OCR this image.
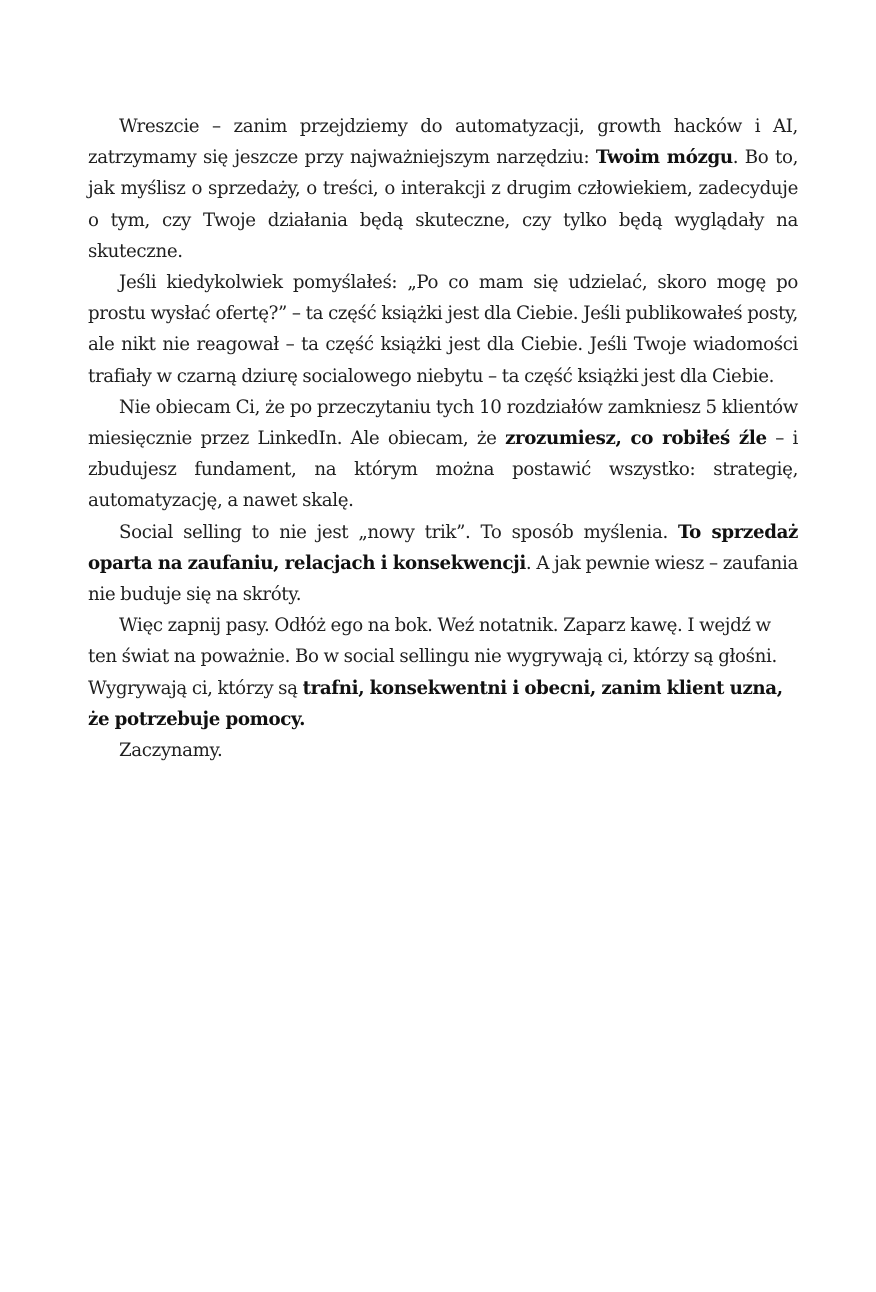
Wreszcie – zanim przejdziemy do automatyzacji, growth hacków i AI, zatrzymamy się jeszcze przy najważniejszym narzędziu: Twoim mózgu. Bo to, jak myślisz o sprzedaży, o treści, o interakcji z drugim człowiekiem, zadecyduje o tym, czy Twoje działania będą skuteczne, czy tylko będą wyglądały na skuteczne.

Jeśli kiedykolwiek pomyślałeś: „Po co mam się udzielać, skoro mogę po prostu wysłać ofertę?” – ta część książki jest dla Ciebie. Jeśli publikowałeś posty, ale nikt nie reagował – ta część książki jest dla Ciebie. Jeśli Twoje wiadomości trafiały w czarną dziurę socialowego niebytu – ta część książki jest dla Ciebie.

Nie obiecam Ci, że po przeczytaniu tych 10 rozdziałów zamkniesz 5 klientów miesięcznie przez LinkedIn. Ale obiecam, że zrozumiesz, co robiłeś źle – i zbudujesz fundament, na którym można postawić wszystko: strategię, automatyzację, a nawet skalę.

Social selling to nie jest „nowy trik”. To sposób myślenia. To sprzedaż oparta na zaufaniu, relacjach i konsekwencji. A jak pewnie wiesz – zaufania nie buduje się na skróty.

Więc zapnij pasy. Odłóż ego na bok. Weź notatnik. Zaparz kawę. I wejdź w ten świat na poważnie. Bo w social sellingu nie wygrywają ci, którzy są głośni. Wygrywają ci, którzy są trafni, konsekwentni i obecni, zanim klient uzna, że potrzebuje pomocy.

Zaczynamy.
